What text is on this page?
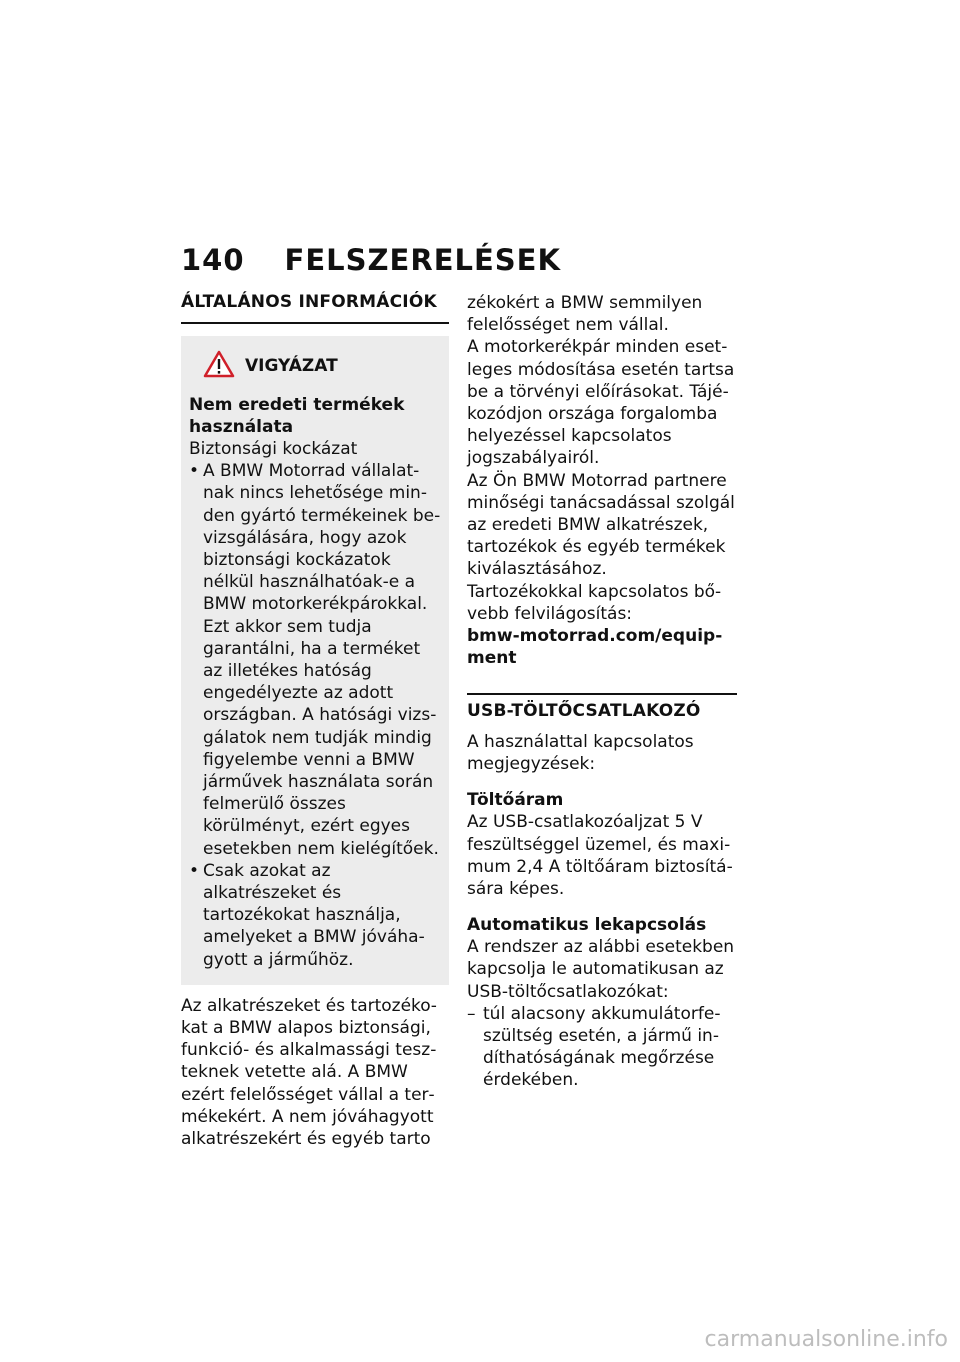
140 FELSZERELÉSEK
ÁLTALÁNOS INFORMÁCIÓK
VIGYÁZAT
Nem eredeti termékek használata
Biztonsági kockázat
• A BMW Motorrad vállalatnak nincs lehetősége minden gyártó termékeinek bevizsgálására, hogy azok biztonsági kockázatok nélkül használhatóak-e a BMW motorkerékpárokkal. Ezt akkor sem tudja garantálni, ha a terméket az illetékes hatóság engedélyezte az adott országban. A hatósági vizsgálatok nem tudják mindig figyelembe venni a BMW járművek használata során felmerülő összes körülményt, ezért egyes esetekben nem kielégítőek.
• Csak azokat az alkatrészeket és tartozékokat használja, amelyeket a BMW jóváhagyott a járműhöz.
Az alkatrészeket és tartozékokat a BMW alapos biztonsági, funkció- és alkalmassági teszteknek vetette alá. A BMW ezért felelősséget vállal a termékekért. A nem jóváhagyott alkatrészekért és egyéb tarto
zékokért a BMW semmilyen felelősséget nem vállal.
A motorkerékpár minden esetleges módosítása esetén tartsa be a törvényi előírásokat. Tájékozódjon országa forgalomba helyezéssel kapcsolatos jogszabályairól.
Az Ön BMW Motorrad partnere minőségi tanácsadással szolgál az eredeti BMW alkatrészek, tartozékok és egyéb termékek kiválasztásához.
Tartozékokkal kapcsolatos bővebb felvilágosítás:
bmw-motorrad.com/equipment
USB-TÖLTŐCSATLAKOZÓ
A használattal kapcsolatos megjegyzések:
Töltőáram
Az USB-csatlakozóaljzat 5 V feszültséggel üzemel, és maximum 2,4 A töltőáram biztosítására képes.
Automatikus lekapcsolás
A rendszer az alábbi esetekben kapcsolja le automatikusan az USB-töltőcsatlakozókat:
– túl alacsony akkumulátorfeszültség esetén, a jármű indíthatóságának megőrzése érdekében.
carmanualsonline.info
